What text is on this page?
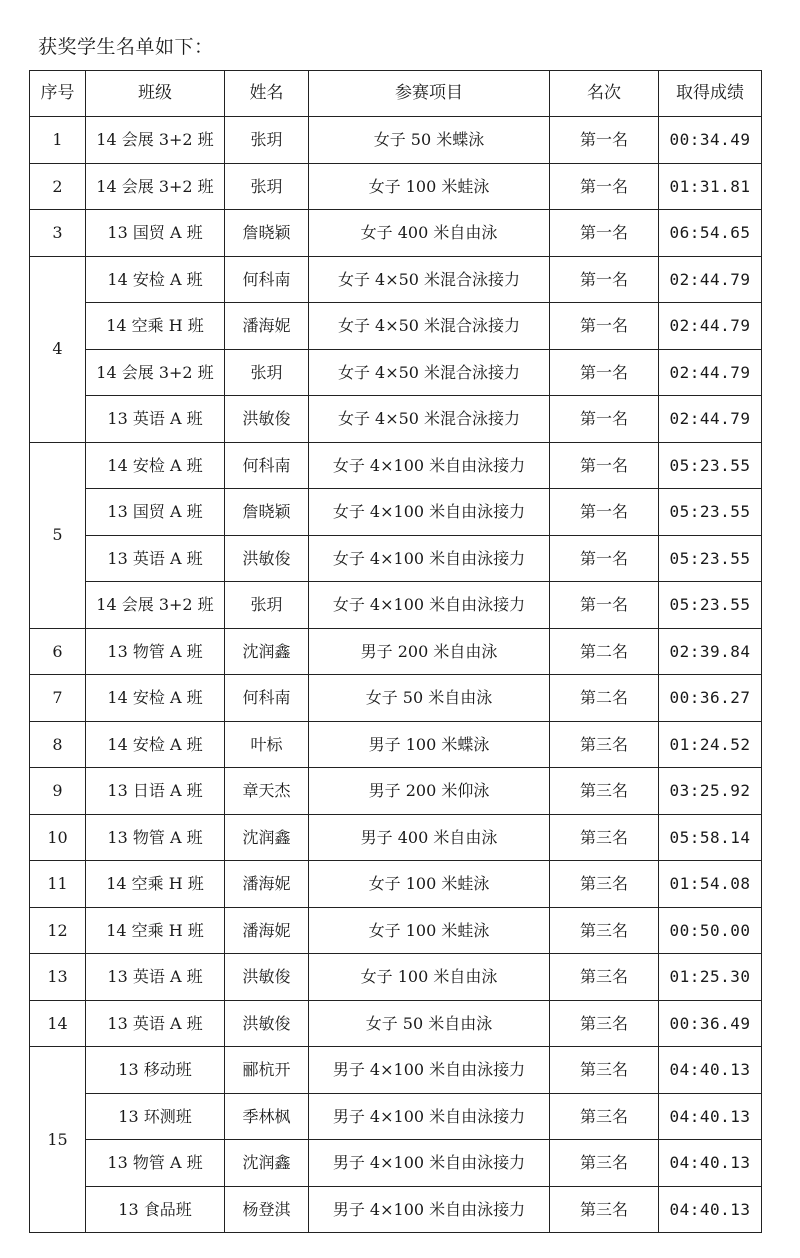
获奖学生名单如下：
序号	班级	姓名	参赛项目	名次	取得成绩
1	14 会展 3+2 班	张玥	女子 50 米蝶泳	第一名	00:34.49
2	14 会展 3+2 班	张玥	女子 100 米蛙泳	第一名	01:31.81
3	13 国贸 A 班	詹晓颖	女子 400 米自由泳	第一名	06:54.65
4	14 安检 A 班	何科南	女子 4×50 米混合泳接力	第一名	02:44.79
	14 空乘 H 班	潘海妮	女子 4×50 米混合泳接力	第一名	02:44.79
	14 会展 3+2 班	张玥	女子 4×50 米混合泳接力	第一名	02:44.79
	13 英语 A 班	洪敏俊	女子 4×50 米混合泳接力	第一名	02:44.79
5	14 安检 A 班	何科南	女子 4×100 米自由泳接力	第一名	05:23.55
	13 国贸 A 班	詹晓颖	女子 4×100 米自由泳接力	第一名	05:23.55
	13 英语 A 班	洪敏俊	女子 4×100 米自由泳接力	第一名	05:23.55
	14 会展 3+2 班	张玥	女子 4×100 米自由泳接力	第一名	05:23.55
6	13 物管 A 班	沈润鑫	男子 200 米自由泳	第二名	02:39.84
7	14 安检 A 班	何科南	女子 50 米自由泳	第二名	00:36.27
8	14 安检 A 班	叶标	男子 100 米蝶泳	第三名	01:24.52
9	13 日语 A 班	章天杰	男子 200 米仰泳	第三名	03:25.92
10	13 物管 A 班	沈润鑫	男子 400 米自由泳	第三名	05:58.14
11	14 空乘 H 班	潘海妮	女子 100 米蛙泳	第三名	01:54.08
12	14 空乘 H 班	潘海妮	女子 100 米蛙泳	第三名	00:50.00
13	13 英语 A 班	洪敏俊	女子 100 米自由泳	第三名	01:25.30
14	13 英语 A 班	洪敏俊	女子 50 米自由泳	第三名	00:36.49
15	13 移动班	郦杭开	男子 4×100 米自由泳接力	第三名	04:40.13
	13 环测班	季林枫	男子 4×100 米自由泳接力	第三名	04:40.13
	13 物管 A 班	沈润鑫	男子 4×100 米自由泳接力	第三名	04:40.13
	13 食品班	杨登淇	男子 4×100 米自由泳接力	第三名	04:40.13
